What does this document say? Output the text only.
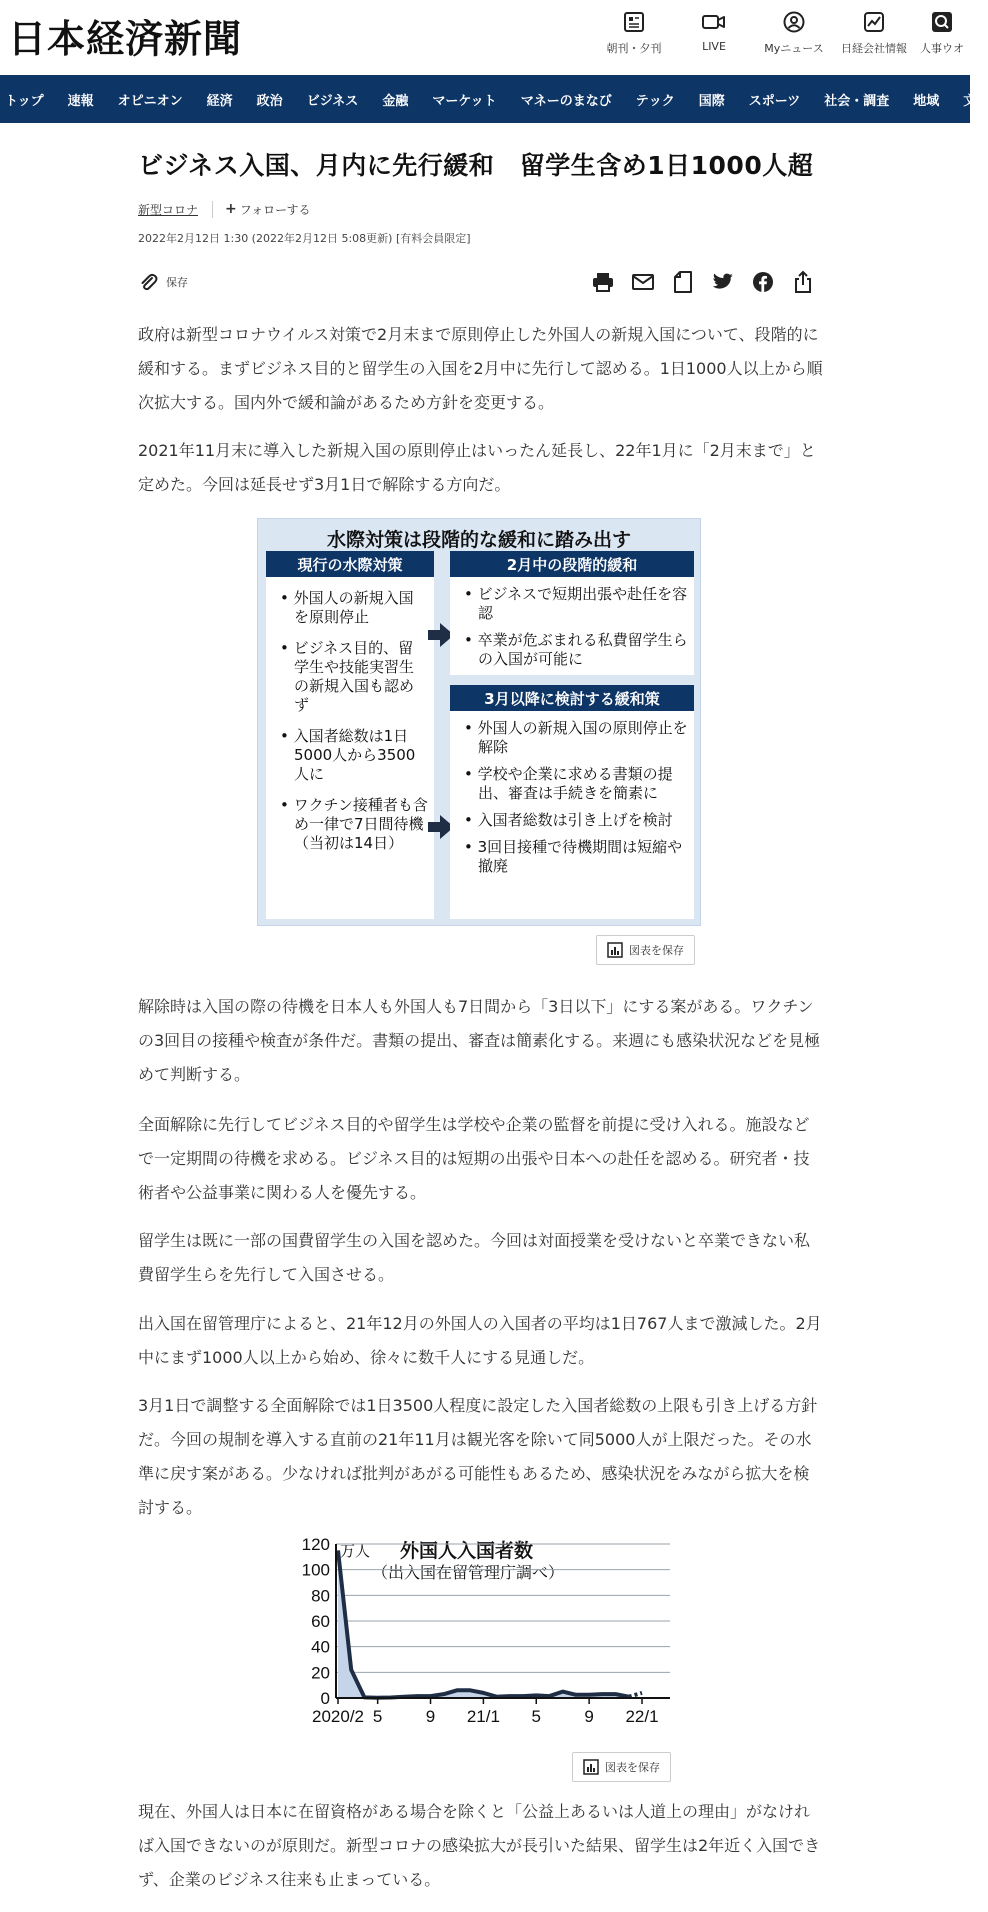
日本経済新聞	朝刊・夕刊	LIVE	Myニュース	日経会社情報	人事ウオ
トップ	速報	オピニオン	経済	政治	ビジネス	金融	マーケット	マネーのまなび	テック	国際	スポーツ	社会・調査	地域	文
ビジネス入国、月内に先行緩和　留学生含め1日1000人超
新型コロナ + フォローする
2022年2月12日 1:30 (2022年2月12日 5:08更新) [有料会員限定]
保存

政府は新型コロナウイルス対策で2月末まで原則停止した外国人の新規入国について、段階的に緩和する。まずビジネス目的と留学生の入国を2月中に先行して認める。1日1000人以上から順次拡大する。国内外で緩和論があるため方針を変更する。

2021年11月末に導入した新規入国の原則停止はいったん延長し、22年1月に「2月末まで」と定めた。今回は延長せず3月1日で解除する方向だ。

水際対策は段階的な緩和に踏み出す
現行の水際対策
• 外国人の新規入国を原則停止
• ビジネス目的、留学生や技能実習生の新規入国も認めず
• 入国者総数は1日5000人から3500人に
• ワクチン接種者も含め一律で7日間待機（当初は14日）
2月中の段階的緩和
• ビジネスで短期出張や赴任を容認
• 卒業が危ぶまれる私費留学生らの入国が可能に
3月以降に検討する緩和策
• 外国人の新規入国の原則停止を解除
• 学校や企業に求める書類の提出、審査は手続きを簡素に
• 入国者総数は引き上げを検討
• 3回目接種で待機期間は短縮や撤廃
図表を保存

解除時は入国の際の待機を日本人も外国人も7日間から「3日以下」にする案がある。ワクチンの3回目の接種や検査が条件だ。書類の提出、審査は簡素化する。来週にも感染状況などを見極めて判断する。

全面解除に先行してビジネス目的や留学生は学校や企業の監督を前提に受け入れる。施設などで一定期間の待機を求める。ビジネス目的は短期の出張や日本への赴任を認める。研究者・技術者や公益事業に関わる人を優先する。

留学生は既に一部の国費留学生の入国を認めた。今回は対面授業を受けないと卒業できない私費留学生らを先行して入国させる。

出入国在留管理庁によると、21年12月の外国人の入国者の平均は1日767人まで激減した。2月中にまず1000人以上から始め、徐々に数千人にする見通しだ。

3月1日で調整する全面解除では1日3500人程度に設定した入国者総数の上限も引き上げる方針だ。今回の規制を導入する直前の21年11月は観光客を除いて同5000人が上限だった。その水準に戻す案がある。少なければ批判があがる可能性もあるため、感染状況をみながら拡大を検討する。

万人 外国人入国者数
（出入国在留管理庁調べ）
0
20
40
60
80
100
120
2020/2 5	9 21/1 5	9 22/1
図表を保存

現在、外国人は日本に在留資格がある場合を除くと「公益上あるいは人道上の理由」がなければ入国できないのが原則だ。新型コロナの感染拡大が長引いた結果、留学生は2年近く入国できず、企業のビジネス往来も止まっている。
